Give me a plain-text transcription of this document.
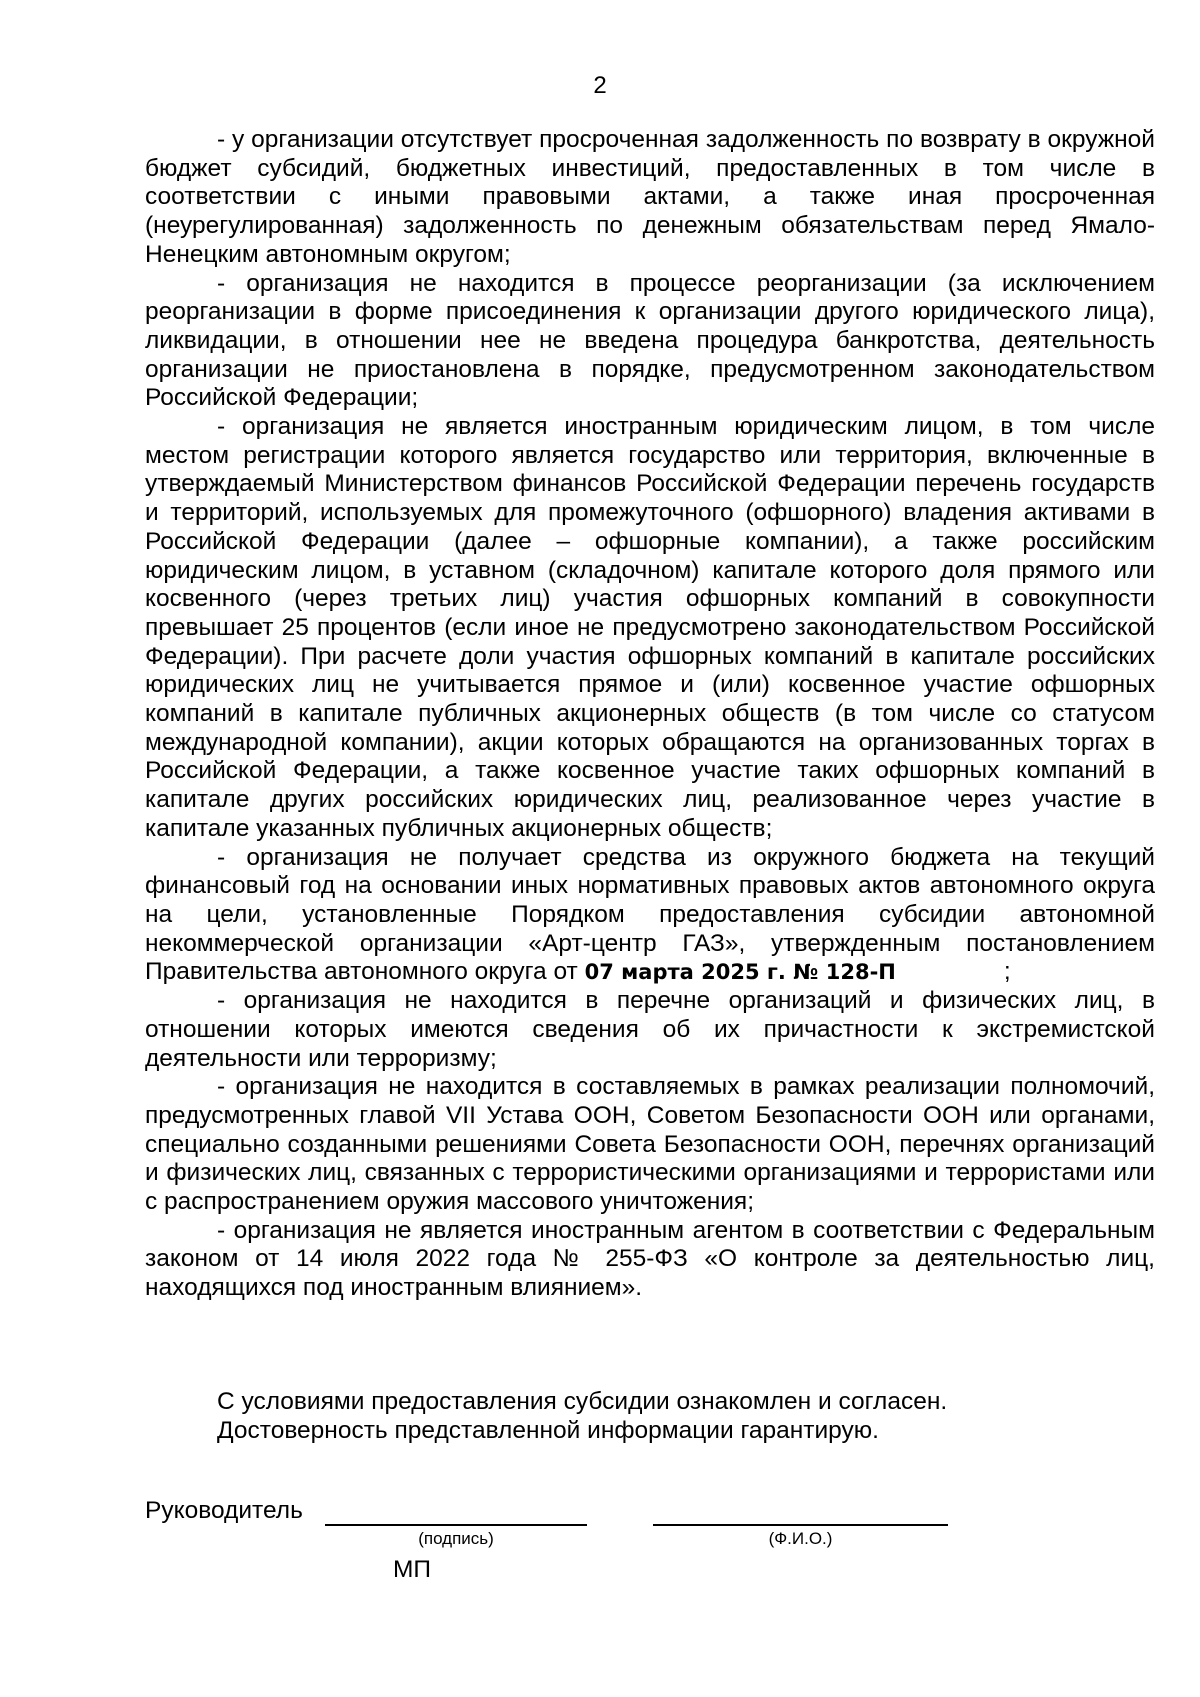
2

- у организации отсутствует просроченная задолженность по возврату в окружной бюджет субсидий, бюджетных инвестиций, предоставленных в том числе в соответствии с иными правовыми актами, а также иная просроченная (неурегулированная) задолженность по денежным обязательствам перед Ямало-Ненецким автономным округом;

- организация не находится в процессе реорганизации (за исключением реорганизации в форме присоединения к организации другого юридического лица), ликвидации, в отношении нее не введена процедура банкротства, деятельность организации не приостановлена в порядке, предусмотренном законодательством Российской Федерации;

- организация не является иностранным юридическим лицом, в том числе местом регистрации которого является государство или территория, включенные в утверждаемый Министерством финансов Российской Федерации перечень государств и территорий, используемых для промежуточного (офшорного) владения активами в Российской Федерации (далее – офшорные компании), а также российским юридическим лицом, в уставном (складочном) капитале которого доля прямого или косвенного (через третьих лиц) участия офшорных компаний в совокупности превышает 25 процентов (если иное не предусмотрено законодательством Российской Федерации). При расчете доли участия офшорных компаний в капитале российских юридических лиц не учитывается прямое и (или) косвенное участие офшорных компаний в капитале публичных акционерных обществ (в том числе со статусом международной компании), акции которых обращаются на организованных торгах в Российской Федерации, а также косвенное участие таких офшорных компаний в капитале других российских юридических лиц, реализованное через участие в капитале указанных публичных акционерных обществ;

- организация не получает средства из окружного бюджета на текущий финансовый год на основании иных нормативных правовых актов автономного округа на цели, установленные Порядком предоставления субсидии автономной некоммерческой организации «Арт-центр ГАЗ», утвержденным постановлением Правительства автономного округа от 07 марта 2025 г. № 128-П	;

- организация не находится в перечне организаций и физических лиц, в отношении которых имеются сведения об их причастности к экстремистской деятельности или терроризму;

- организация не находится в составляемых в рамках реализации полномочий, предусмотренных главой VII Устава ООН, Советом Безопасности ООН или органами, специально созданными решениями Совета Безопасности ООН, перечнях организаций и физических лиц, связанных с террористическими организациями и террористами или с распространением оружия массового уничтожения;

- организация не является иностранным агентом в соответствии с Федеральным законом от 14 июля 2022 года № 255-ФЗ «О контроле за деятельностью лиц, находящихся под иностранным влиянием».

С условиями предоставления субсидии ознакомлен и согласен.

Достоверность представленной информации гарантирую.

Руководитель
(подпись)	(Ф.И.О.)
МП
